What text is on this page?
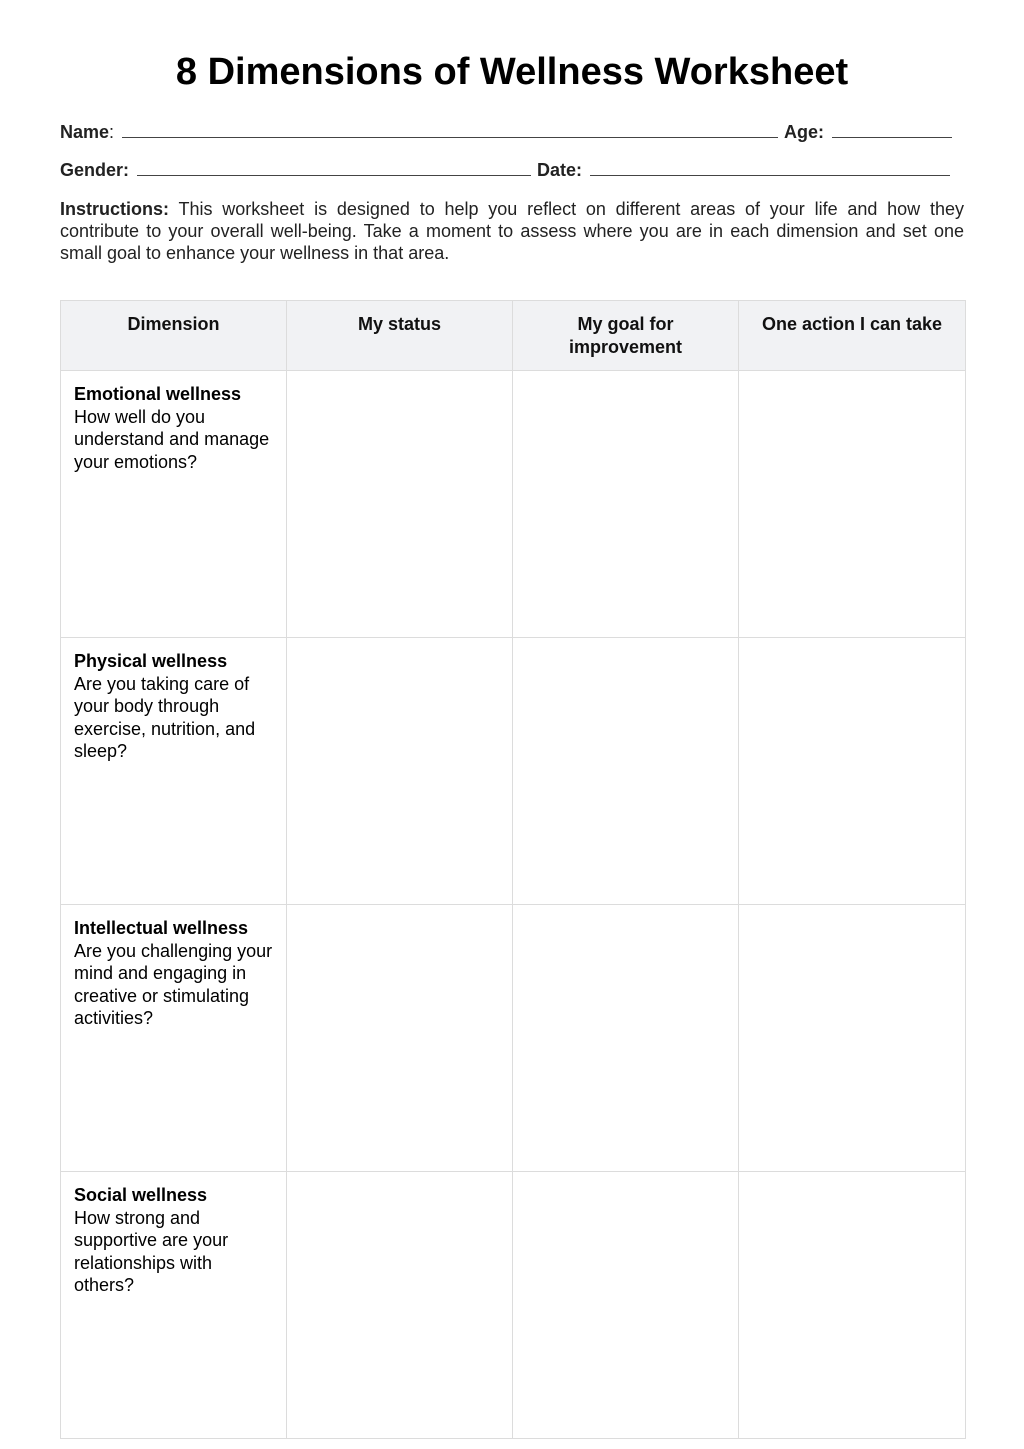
8 Dimensions of Wellness Worksheet
Name :	Age:
Gender:	Date:

Instructions: This worksheet is designed to help you reflect on different areas of your life and how they contribute to your overall well-being. Take a moment to assess where you are in each dimension and set one small goal to enhance your wellness in that area.

Dimension	My status	My goal for improvement	One action I can take

Emotional wellness
How well do you understand and manage your emotions?			

Physical wellness
Are you taking care of your body through exercise, nutrition, and sleep?			

Intellectual wellness
Are you challenging your mind and engaging in creative or stimulating activities?			

Social wellness
How strong and supportive are your relationships with others?			
